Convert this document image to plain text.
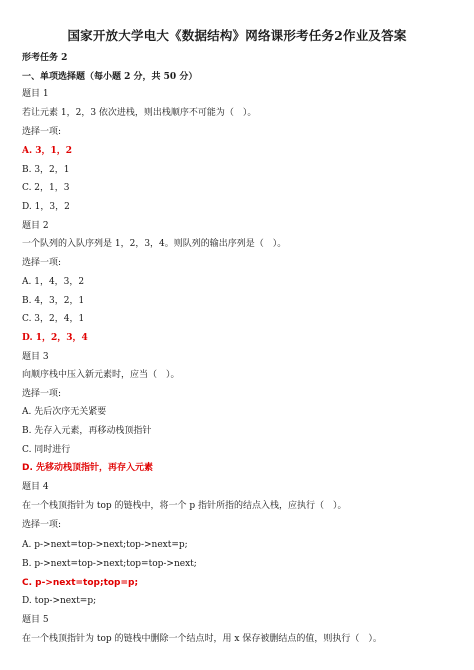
国家开放大学电大《数据结构》网络课形考任务2作业及答案
形考任务 2
一、单项选择题（每小题 2 分，共 50 分）
题目 1
若让元素 1，2，3 依次进栈，则出栈顺序不可能为（　）。
选择一项:
A. 3，1，2
B. 3，2，1
C. 2，1，3
D. 1，3，2
题目 2
一个队列的入队序列是 1，2，3，4。则队列的输出序列是（　）。
选择一项:
A. 1，4，3，2
B. 4，3，2，1
C. 3，2，4，1
D. 1，2，3，4
题目 3
向顺序栈中压入新元素时，应当（　）。
选择一项:
A. 先后次序无关紧要
B. 先存入元素，再移动栈顶指针
C. 同时进行
D. 先移动栈顶指针，再存入元素
题目 4
在一个栈顶指针为 top 的链栈中，将一个 p 指针所指的结点入栈，应执行（　）。
选择一项:
A. p->next=top->next;top->next=p;
B. p->next=top->next;top=top->next;
C. p->next=top;top=p;
D. top->next=p;
题目 5
在一个栈顶指针为 top 的链栈中删除一个结点时，用 x 保存被删结点的值，则执行（　）。
